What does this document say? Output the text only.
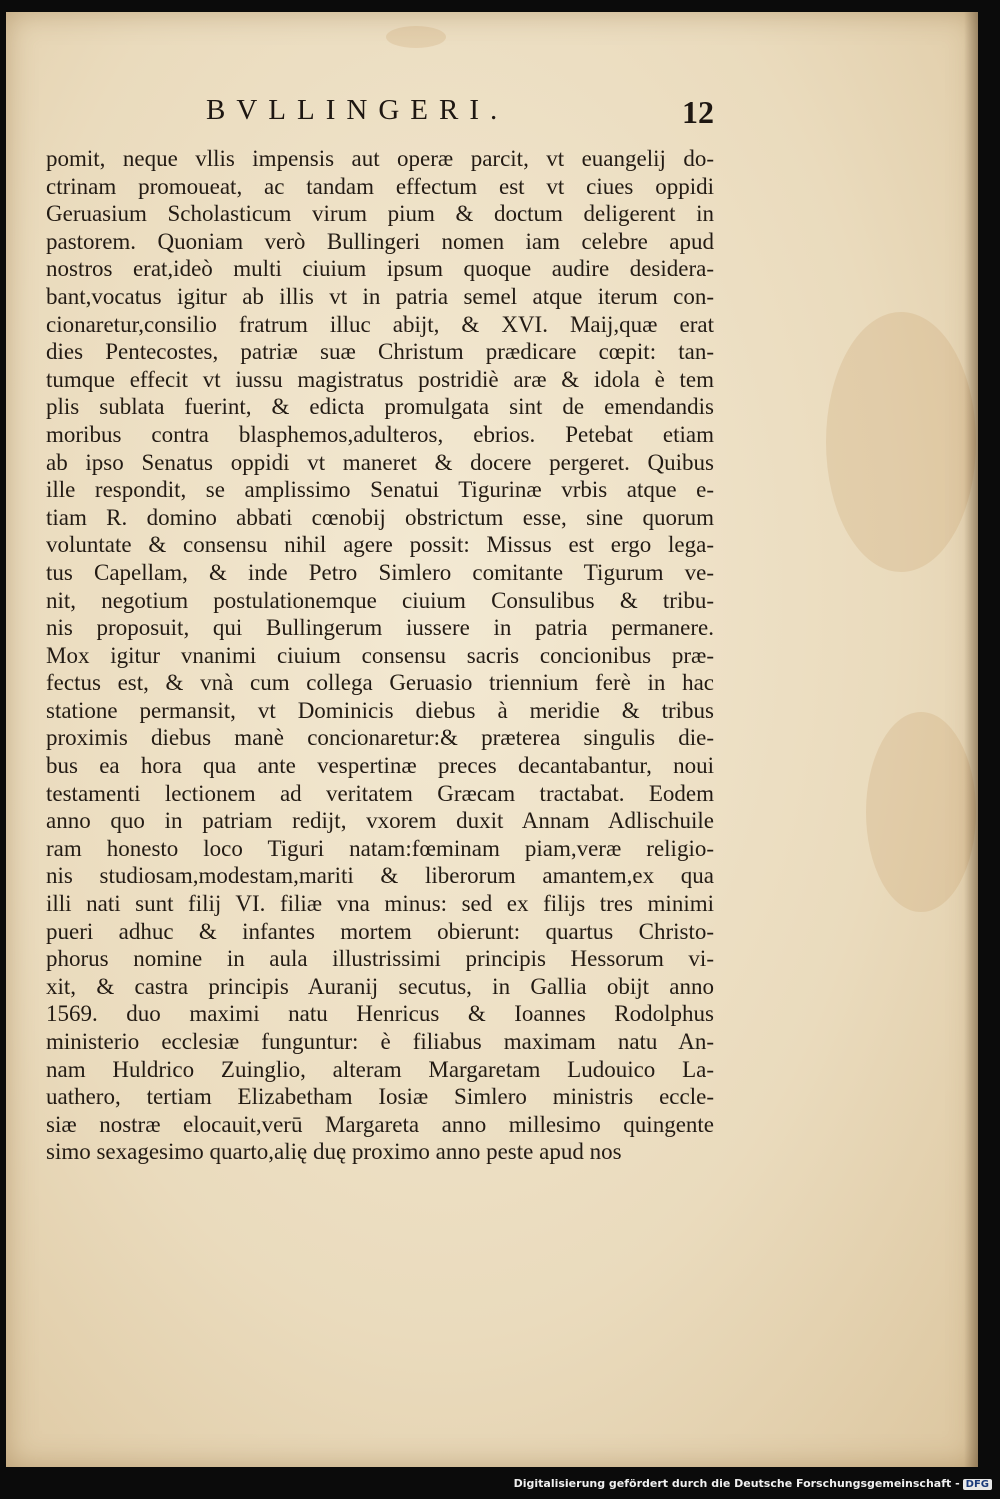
BVLLINGERI.	12
pomit, neque vllis impensis aut operæ parcit, vt euangelij do-
ctrinam promoueat, ac tandam effectum est vt ciues oppidi
Geruasium Scholasticum virum pium & doctum deligerent in
pastorem. Quoniam verò Bullingeri nomen iam celebre apud
nostros erat,ideò multi ciuium ipsum quoque audire desidera-
bant,vocatus igitur ab illis vt in patria semel atque iterum con-
cionaretur,consilio fratrum illuc abijt, & XVI. Maij,quæ erat
dies Pentecostes, patriæ suæ Christum prædicare cœpit: tan-
tumque effecit vt iussu magistratus postridiè aræ & idola è tem
plis sublata fuerint, & edicta promulgata sint de emendandis
moribus contra blasphemos,adulteros, ebrios. Petebat etiam
ab ipso Senatus oppidi vt maneret & docere pergeret. Quibus
ille respondit, se amplissimo Senatui Tigurinæ vrbis atque e-
tiam R. domino abbati cœnobij obstrictum esse, sine quorum
voluntate & consensu nihil agere possit: Missus est ergo lega-
tus Capellam, & inde Petro Simlero comitante Tigurum ve-
nit, negotium postulationemque ciuium Consulibus & tribu-
nis proposuit, qui Bullingerum iussere in patria permanere.
Mox igitur vnanimi ciuium consensu sacris concionibus præ-
fectus est, & vnà cum collega Geruasio triennium ferè in hac
statione permansit, vt Dominicis diebus à meridie & tribus
proximis diebus manè concionaretur:& præterea singulis die-
bus ea hora qua ante vespertinæ preces decantabantur, noui
testamenti lectionem ad veritatem Græcam tractabat. Eodem
anno quo in patriam redijt, vxorem duxit Annam Adlischuile
ram honesto loco Tiguri natam:fœminam piam,veræ religio-
nis studiosam,modestam,mariti & liberorum amantem,ex qua
illi nati sunt filij VI. filiæ vna minus: sed ex filijs tres minimi
pueri adhuc & infantes mortem obierunt: quartus Christo-
phorus nomine in aula illustrissimi principis Hessorum vi-
xit, & castra principis Auranij secutus, in Gallia obijt anno
1569. duo maximi natu Henricus & Ioannes Rodolphus
ministerio ecclesiæ funguntur: è filiabus maximam natu An-
nam Huldrico Zuinglio, alteram Margaretam Ludouico La-
uathero, tertiam Elizabetham Iosiæ Simlero ministris eccle-
siæ nostræ elocauit,verū Margareta anno millesimo quingente
simo sexagesimo quarto,alię duę proximo anno peste apud nos
Digitalisierung gefördert durch die Deutsche Forschungsgemeinschaft - DFG
